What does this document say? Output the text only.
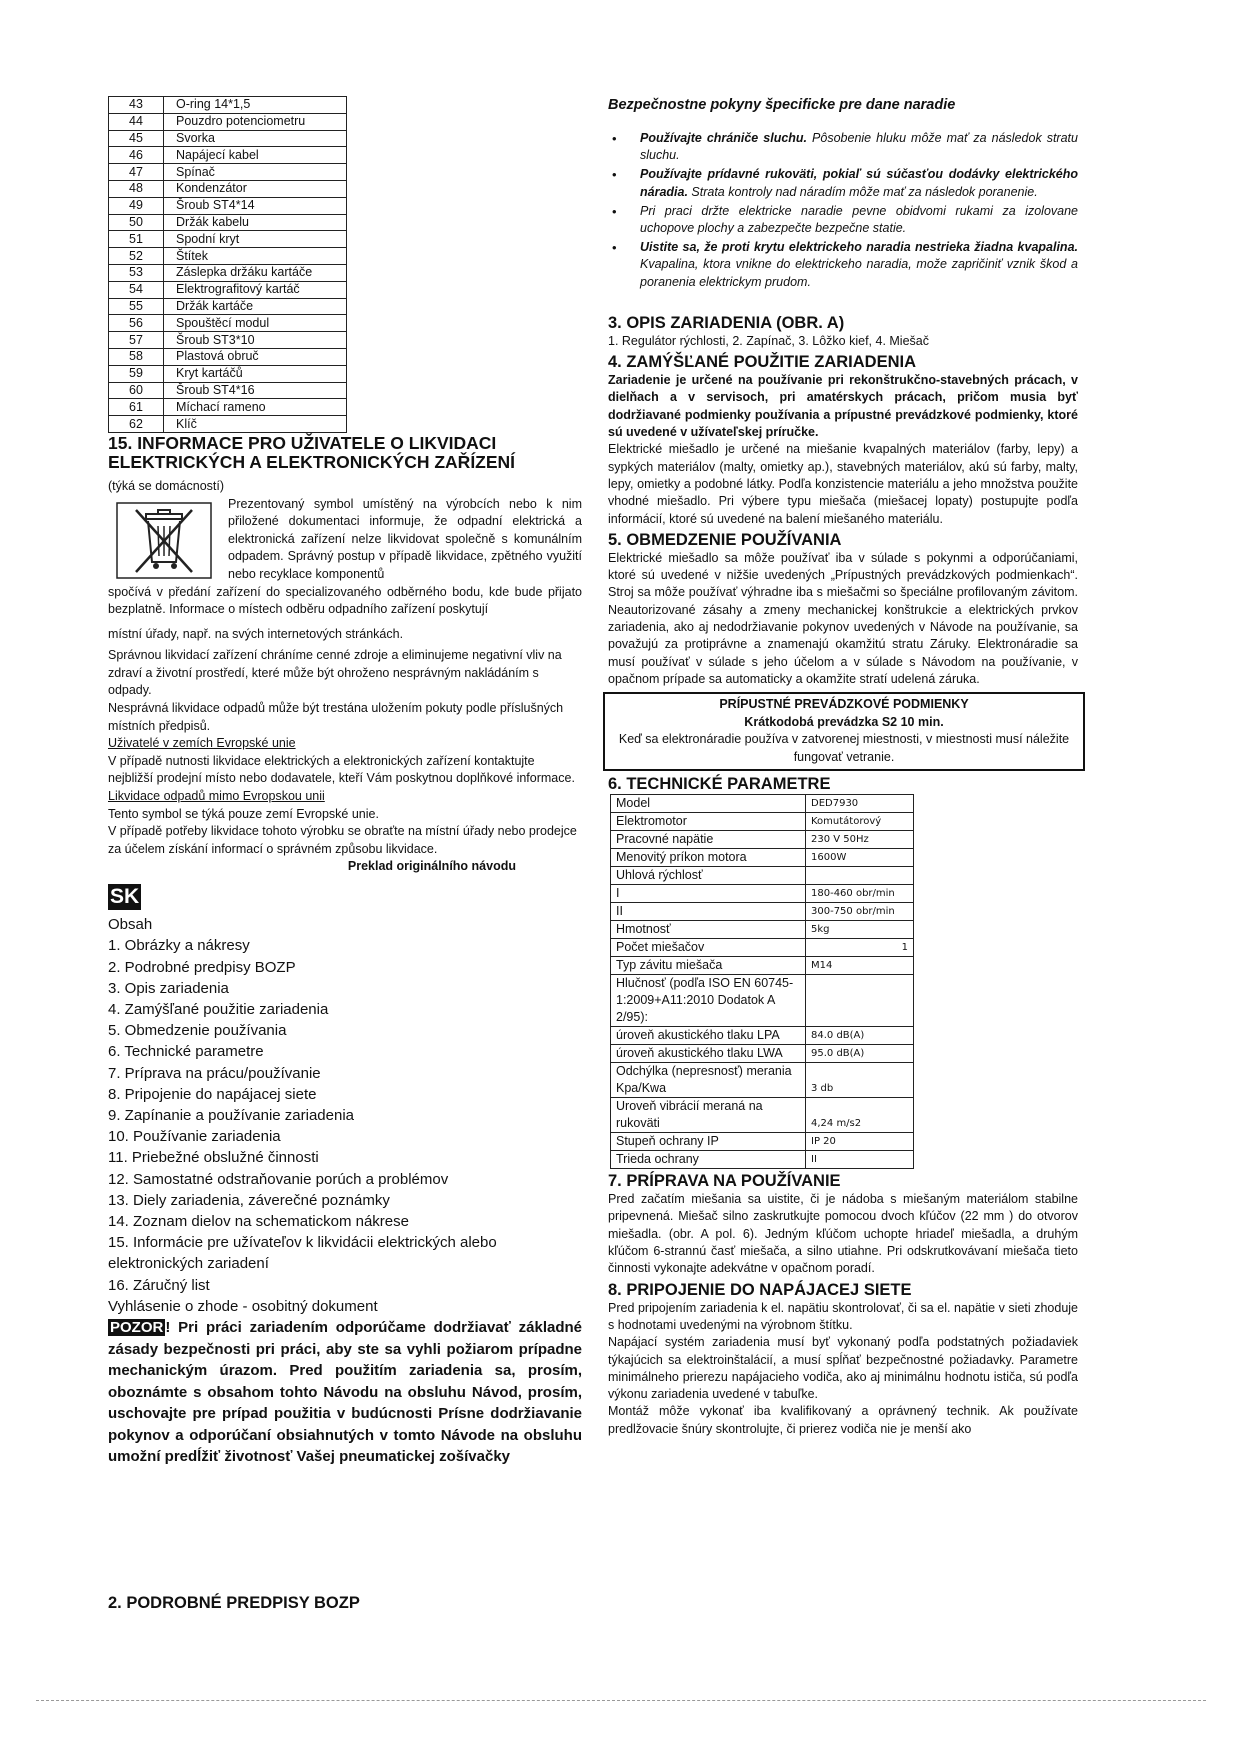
43	O-ring 14*1,5
44	Pouzdro potenciometru
45	Svorka
46	Napájecí kabel
47	Spínač
48	Kondenzátor
49	Šroub ST4*14
50	Držák kabelu
51	Spodní kryt
52	Štítek
53	Záslepka držáku kartáče
54	Elektrografitový kartáč
55	Držák kartáče
56	Spouštěcí modul
57	Šroub ST3*10
58	Plastová obruč
59	Kryt kartáčů
60	Šroub ST4*16
61	Míchací rameno
62	Klíč
15. INFORMACE PRO UŽIVATELE O LIKVIDACI ELEKTRICKÝCH A ELEKTRONICKÝCH ZAŘÍZENÍ
(týká se domácností)
Prezentovaný symbol umístěný na výrobcích nebo k nim přiložené dokumentaci informuje, že odpadní elektrická a elektronická zařízení nelze likvidovat společně s komunálním odpadem. Správný postup v případě likvidace, zpětného využití nebo recyklace komponentů
spočívá v předání zařízení do specializovaného odběrného bodu, kde bude přijato bezplatně. Informace o místech odběru odpadního zařízení poskytují
místní úřady, např. na svých internetových stránkách.
Správnou likvidací zařízení chráníme cenné zdroje a eliminujeme negativní vliv na zdraví a životní prostředí, které může být ohroženo nesprávným nakládáním s odpady.
Nesprávná likvidace odpadů může být trestána uložením pokuty podle příslušných místních předpisů.
Uživatelé v zemích Evropské unie
V případě nutnosti likvidace elektrických a elektronických zařízení kontaktujte nejbližší prodejní místo nebo dodavatele, kteří Vám poskytnou doplňkové informace.
Likvidace odpadů mimo Evropskou unii
Tento symbol se týká pouze zemí Evropské unie.
V případě potřeby likvidace tohoto výrobku se obraťte na místní úřady nebo prodejce za účelem získání informací o správném způsobu likvidace.
Preklad originálního návodu
SK
Obsah
1. Obrázky a nákresy
2. Podrobné predpisy BOZP
3. Opis zariadenia
4. Zamýšľané použitie zariadenia
5. Obmedzenie používania
6. Technické parametre
7. Príprava na prácu/používanie
8. Pripojenie do napájacej siete
9. Zapínanie a používanie zariadenia
10. Používanie zariadenia
11. Priebežné obslužné činnosti
12. Samostatné odstraňovanie porúch a problémov
13. Diely zariadenia, záverečné poznámky
14. Zoznam dielov na schematickom nákrese
15. Informácie pre užívateľov k likvidácii elektrických alebo elektronických zariadení
16. Záručný list
Vyhlásenie o zhode - osobitný dokument
POZOR ! Pri práci zariadením odporúčame dodržiavať základné zásady bezpečnosti pri práci, aby ste sa vyhli požiarom prípadne mechanickým úrazom. Pred použitím zariadenia sa, prosím, oboznámte s obsahom tohto Návodu na obsluhu Návod, prosím, uschovajte pre prípad použitia v budúcnosti Prísne dodržiavanie pokynov a odporúčaní obsiahnutých v tomto Návode na obsluhu umožní predĺžiť životnosť Vašej pneumatickej zošívačky
2. PODROBNÉ PREDPISY BOZP
Bezpečnostne pokyny špecificke pre dane naradie
• Používajte chrániče sluchu. Pôsobenie hluku môže mať za následok stratu sluchu.
• Používajte prídavné rukoväti, pokiaľ sú súčasťou dodávky elektrického náradia. Strata kontroly nad náradím môže mať za následok poranenie.
• Pri praci držte elektricke naradie pevne obidvomi rukami za izolovane uchopove plochy a zabezpečte bezpečne statie.
• Uistite sa, že proti krytu elektrickeho naradia nestrieka žiadna kvapalina. Kvapalina, ktora vnikne do elektrickeho naradia, može zapričiniť vznik škod a poranenia elektrickym prudom.
3. OPIS ZARIADENIA (OBR. A)
1. Regulátor rýchlosti, 2. Zapínač, 3. Lôžko kief, 4. Miešač
4. ZAMÝŠĽANÉ POUŽITIE ZARIADENIA
Zariadenie je určené na používanie pri rekonštrukčno-stavebných prácach, v dielňach a v servisoch, pri amatérskych prácach, pričom musia byť dodržiavané podmienky používania a prípustné prevádzkové podmienky, ktoré sú uvedené v užívateľskej príručke.
Elektrické miešadlo je určené na miešanie kvapalných materiálov (farby, lepy) a sypkých materiálov (malty, omietky ap.), stavebných materiálov, akú sú farby, malty, lepy, omietky a podobné látky. Podľa konzistencie materiálu a jeho množstva použite vhodné miešadlo. Pri výbere typu miešača (miešacej lopaty) postupujte podľa informácií, ktoré sú uvedené na balení miešaného materiálu.
5. OBMEDZENIE POUŽÍVANIA
Elektrické miešadlo sa môže používať iba v súlade s pokynmi a odporúčaniami, ktoré sú uvedené v nižšie uvedených „Prípustných prevádzkových podmienkach“. Stroj sa môže používať výhradne iba s miešačmi so špeciálne profilovaným závitom. Neautorizované zásahy a zmeny mechanickej konštrukcie a elektrických prvkov zariadenia, ako aj nedodržiavanie pokynov uvedených v Návode na používanie, sa považujú za protiprávne a znamenajú okamžitú stratu Záruky. Elektronáradie sa musí používať v súlade s jeho účelom a v súlade s Návodom na používanie, v opačnom prípade sa automaticky a okamžite stratí udelená záruka.
PRÍPUSTNÉ PREVÁDZKOVÉ PODMIENKY
Krátkodobá prevádzka S2 10 min.
Keď sa elektronáradie používa v zatvorenej miestnosti, v miestnosti musí náležite fungovať vetranie.
6. TECHNICKÉ PARAMETRE
Model	DED7930
Elektromotor	Komutátorový
Pracovné napätie	230 V 50Hz
Menovitý príkon motora	1600W
Uhlová rýchlosť	
I	180-460 obr/min
II	300-750 obr/min
Hmotnosť	5kg
Počet miešačov	1
Typ závitu miešača	M14
Hlučnosť (podľa ISO EN 60745-1:2009+A11:2010 Dodatok A 2/95):	
úroveň akustického tlaku LPA	84.0 dB(A)
úroveň akustického tlaku LWA	95.0 dB(A)
Odchýlka (nepresnosť) merania Kpa/Kwa	3 db
Uroveň vibrácií meraná na rukoväti	4,24 m/s2
Stupeň ochrany IP	IP 20
Trieda ochrany	II
7. PRÍPRAVA NA POUŽÍVANIE
Pred začatím miešania sa uistite, či je nádoba s miešaným materiálom stabilne pripevnená. Miešač silno zaskrutkujte pomocou dvoch kľúčov (22 mm ) do otvorov miešadla. (obr. A pol. 6). Jedným kľúčom uchopte hriadeľ miešadla, a druhým kľúčom 6-strannú časť miešača, a silno utiahne. Pri odskrutkovávaní miešača tieto činnosti vykonajte adekvátne v opačnom poradí.
8. PRIPOJENIE DO NAPÁJACEJ SIETE
Pred pripojením zariadenia k el. napätiu skontrolovať, či sa el. napätie v sieti zhoduje s hodnotami uvedenými na výrobnom štítku.
Napájací systém zariadenia musí byť vykonaný podľa podstatných požiadaviek týkajúcich sa elektroinštalácií, a musí spĺňať bezpečnostné požiadavky. Parametre minimálneho prierezu napájacieho vodiča, ako aj minimálnu hodnotu ističa, sú podľa výkonu zariadenia uvedené v tabuľke.
Montáž môže vykonať iba kvalifikovaný a oprávnený technik. Ak používate predlžovacie šnúry skontrolujte, či prierez vodiča nie je menší ako
